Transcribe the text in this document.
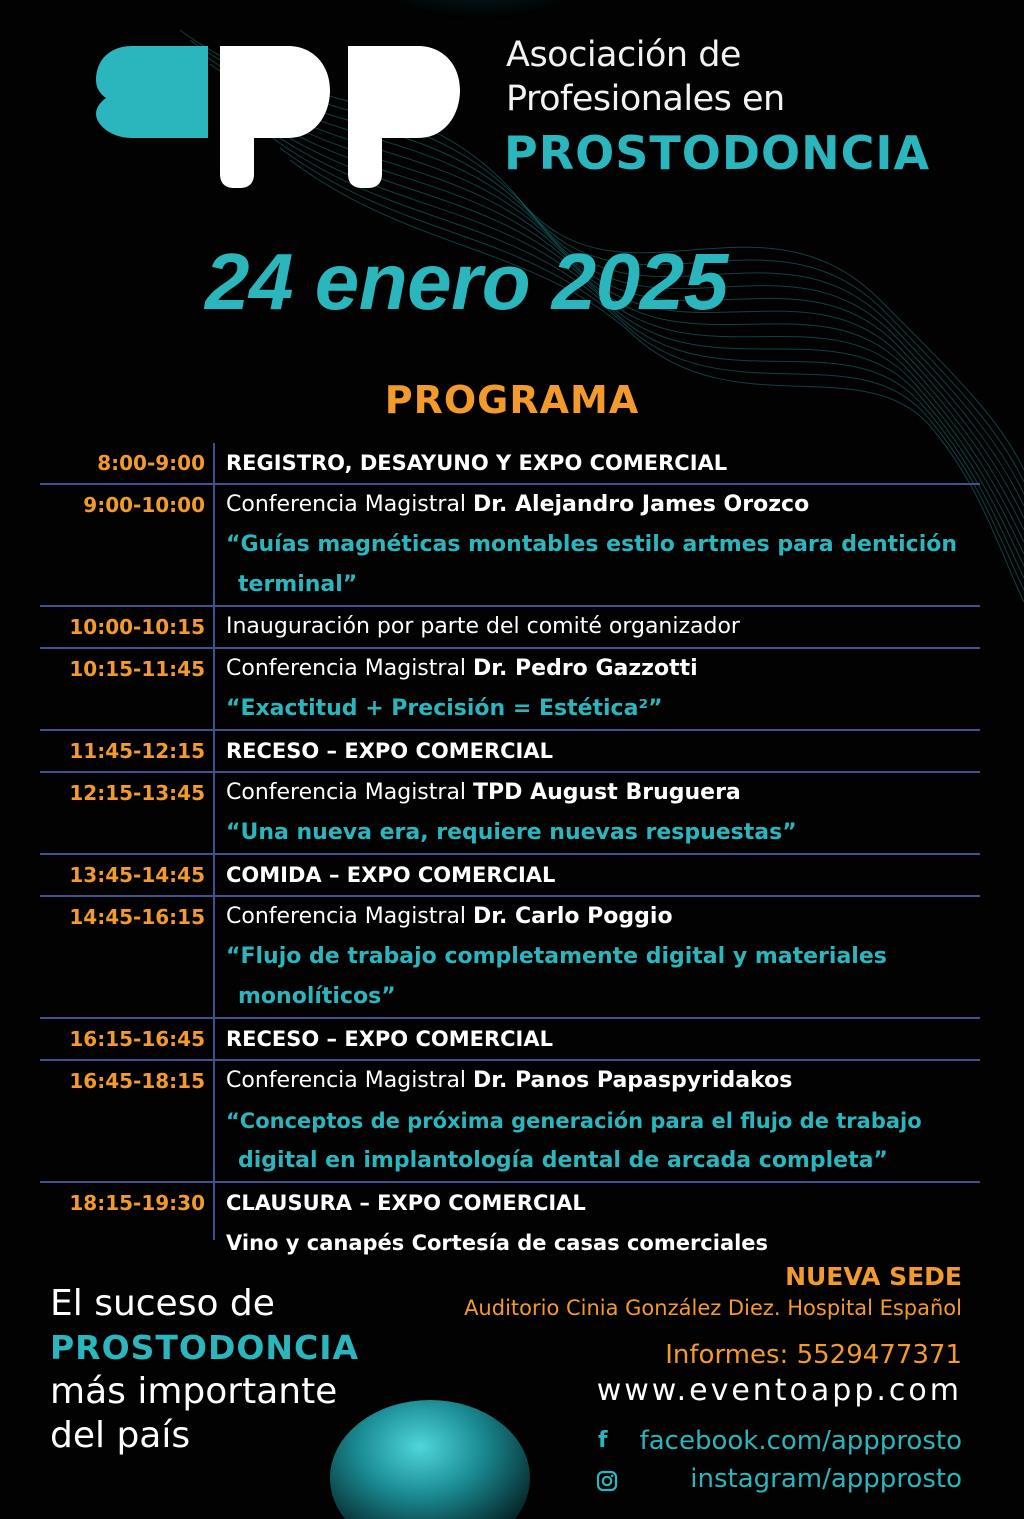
Asociación de
Profesionales en
PROSTODONCIA
24 enero 2025
PROGRAMA
8:00-9:00 REGISTRO, DESAYUNO Y EXPO COMERCIAL
9:00-10:00 Conferencia Magistral Dr. Alejandro James Orozco
“Guías magnéticas montables estilo artmes para dentición
terminal”
10:00-10:15 Inauguración por parte del comité organizador
10:15-11:45 Conferencia Magistral Dr. Pedro Gazzotti
“Exactitud + Precisión = Estética²”
11:45-12:15 RECESO – EXPO COMERCIAL
12:15-13:45 Conferencia Magistral TPD August Bruguera
“Una nueva era, requiere nuevas respuestas”
13:45-14:45 COMIDA – EXPO COMERCIAL
14:45-16:15 Conferencia Magistral Dr. Carlo Poggio
“Flujo de trabajo completamente digital y materiales
monolíticos”
16:15-16:45 RECESO – EXPO COMERCIAL
16:45-18:15 Conferencia Magistral Dr. Panos Papaspyridakos
“Conceptos de próxima generación para el flujo de trabajo
digital en implantología dental de arcada completa”
18:15-19:30 CLAUSURA – EXPO COMERCIAL
Vino y canapés Cortesía de casas comerciales
El suceso de
PROSTODONCIA
más importante
del país
NUEVA SEDE
Auditorio Cinia González Diez. Hospital Español
Informes: 5529477371
www.eventoapp.com
f facebook.com/appprosto
instagram/appprosto
